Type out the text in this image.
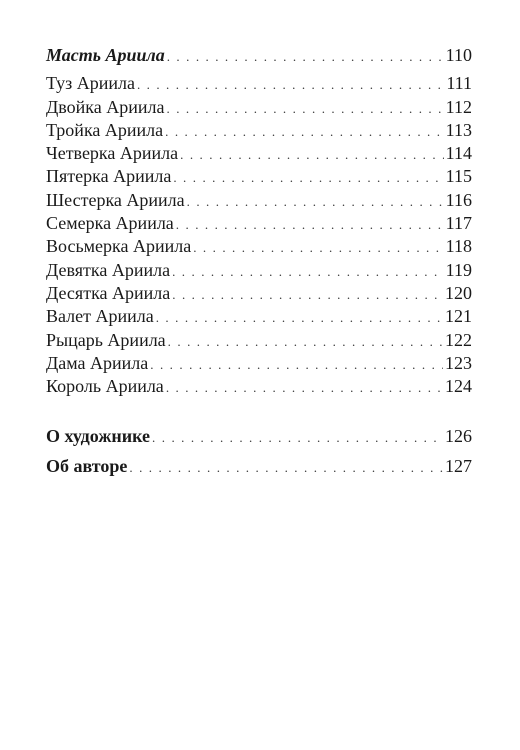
Масть Ариила . . .	110
Туз Ариила . . .	111
Двойка Ариила . . .	112
Тройка Ариила . . .	113
Четверка Ариила . . .	114
Пятерка Ариила . . .	115
Шестерка Ариила . . .	116
Семерка Ариила . . .	117
Восьмерка Ариила . . .	118
Девятка Ариила . . .	119
Десятка Ариила . . .	120
Валет Ариила . . .	121
Рыцарь Ариила . . .	122
Дама Ариила . . .	123
Король Ариила . . .	124
О художнике . . .	126
Об авторе . . .	127
